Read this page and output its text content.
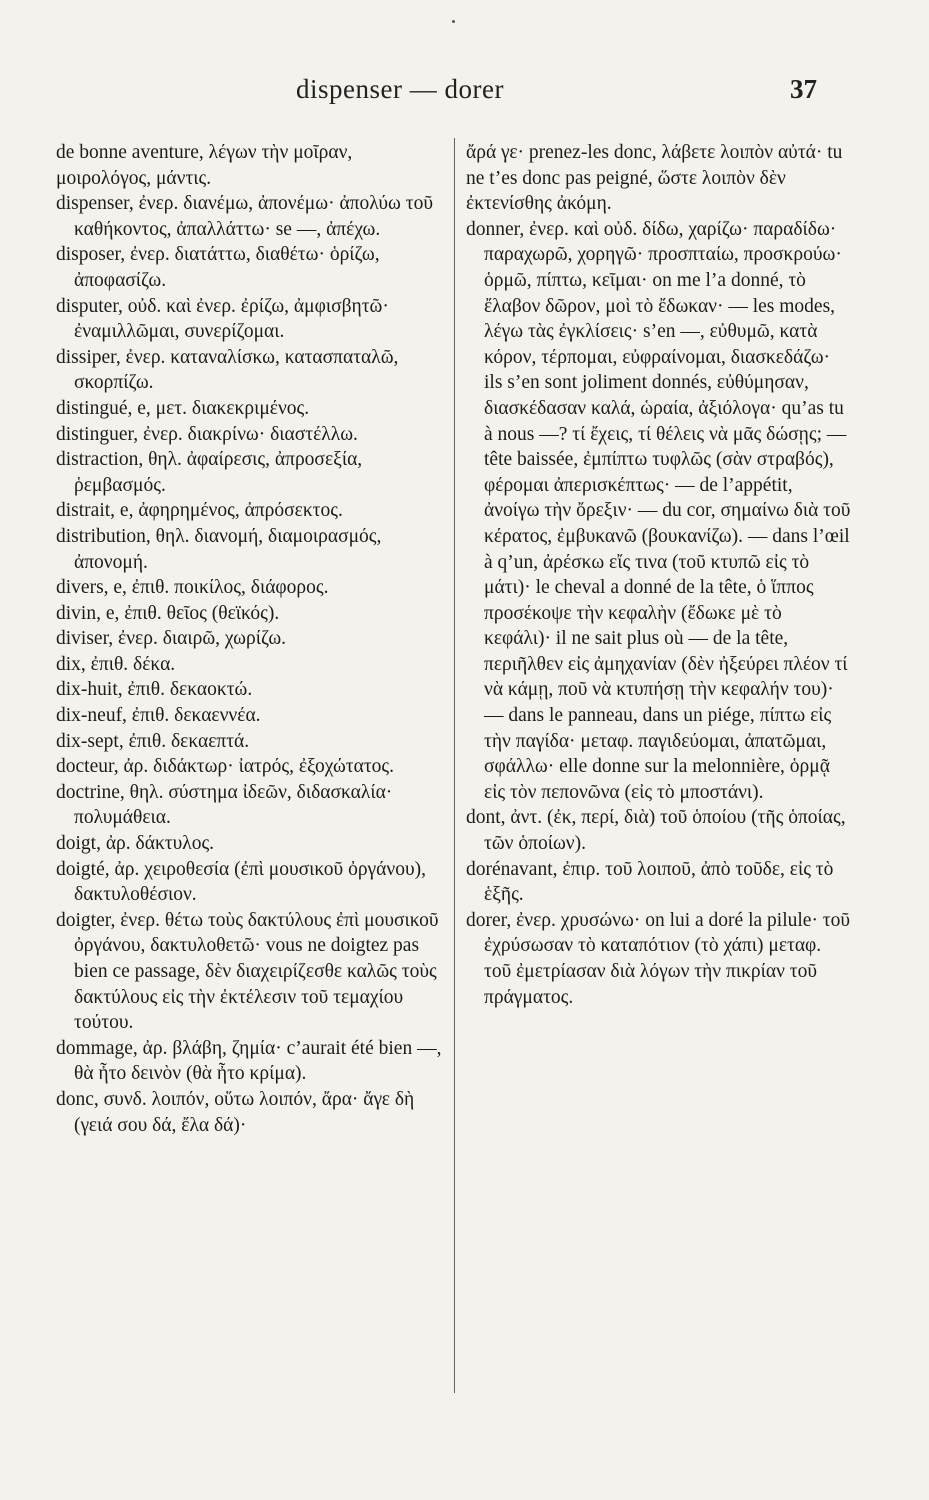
dispenser — dorer	37

de bonne aventure, λέγων τὴν μοῖραν, μοιρολόγος, μάντις.

dispenser, ἐνερ. διανέμω, ἀπονέμω· ἀπολύω τοῦ καθήκοντος, ἀπαλλάττω· se —, ἀπέχω.

disposer, ἐνερ. διατάττω, διαθέτω· ὁρίζω, ἀποφασίζω.

disputer, οὐδ. καὶ ἐνερ. ἐρίζω, ἀμφισβητῶ· ἐναμιλλῶμαι, συνερίζομαι.

dissiper, ἐνερ. καταναλίσκω, κατασπαταλῶ, σκορπίζω.

distingué, e, μετ. διακεκριμένος.

distinguer, ἐνερ. διακρίνω· διαστέλλω.

distraction, θηλ. ἀφαίρεσις, ἀπροσεξία, ῥεμβασμός.

distrait, e, ἀφηρημένος, ἀπρόσεκτος.

distribution, θηλ. διανομή, διαμοιρασμός, ἀπονομή.

divers, e, ἐπιθ. ποικίλος, διάφορος.

divin, e, ἐπιθ. θεῖος (θεϊκός).

diviser, ἐνερ. διαιρῶ, χωρίζω.

dix, ἐπιθ. δέκα.

dix-huit, ἐπιθ. δεκαοκτώ.

dix-neuf, ἐπιθ. δεκαεννέα.

dix-sept, ἐπιθ. δεκαεπτά.

docteur, ἀρ. διδάκτωρ· ἰατρός, ἐξοχώτατος.

doctrine, θηλ. σύστημα ἰδεῶν, διδασκαλία· πολυμάθεια.

doigt, ἀρ. δάκτυλος.

doigté, ἀρ. χειροθεσία (ἐπὶ μουσικοῦ ὀργάνου), δακτυλοθέσιον.

doigter, ἐνερ. θέτω τοὺς δακτύλους ἐπὶ μουσικοῦ ὀργάνου, δακτυλοθετῶ· vous ne doigtez pas bien ce passage, δὲν διαχειρίζεσθε καλῶς τοὺς δακτύλους εἰς τὴν ἐκτέλεσιν τοῦ τεμαχίου τούτου.

dommage, ἀρ. βλάβη, ζημία· c’aurait été bien —, θὰ ἦτο δεινὸν (θὰ ἦτο κρίμα).

donc, συνδ. λοιπόν, οὕτω λοιπόν, ἄρα· ἄγε δὴ (γειά σου δά, ἔλα δά)·

ἄρά γε· prenez-les donc, λάβετε λοιπὸν αὐτά· tu ne t’es donc pas peigné, ὥστε λοιπὸν δὲν ἐκτενίσθης ἀκόμη.

donner, ἐνερ. καὶ οὐδ. δίδω, χαρίζω· παραδίδω· παραχωρῶ, χορηγῶ· προσπταίω, προσκρούω· ὁρμῶ, πίπτω, κεῖμαι· on me l’a donné, τὸ ἔλαβον δῶρον, μοὶ τὸ ἔδωκαν· — les modes, λέγω τὰς ἐγκλίσεις· s’en —, εὐθυμῶ, κατὰ κόρον, τέρπομαι, εὐφραίνομαι, διασκεδάζω· ils s’en sont joliment donnés, εὐθύμησαν, διασκέδασαν καλά, ὡραία, ἀξιόλογα· qu’as tu à nous —? τί ἔχεις, τί θέλεις νὰ μᾶς δώσῃς; — tête baissée, ἐμπίπτω τυφλῶς (σὰν στραβός), φέρομαι ἀπερισκέπτως· — de l’appétit, ἀνοίγω τὴν ὄρεξιν· — du cor, σημαίνω διὰ τοῦ κέρατος, ἐμβυκανῶ (βουκανίζω). — dans l’œil à q’un, ἀρέσκω εἴς τινα (τοῦ κτυπῶ εἰς τὸ μάτι)· le cheval a donné de la tête, ὁ ἵππος προσέκοψε τὴν κεφαλὴν (ἔδωκε μὲ τὸ κεφάλι)· il ne sait plus où — de la tête, περιῆλθεν εἰς ἀμηχανίαν (δὲν ἠξεύρει πλέον τί νὰ κάμῃ, ποῦ νὰ κτυπήσῃ τὴν κεφαλήν του)· — dans le panneau, dans un piége, πίπτω εἰς τὴν παγίδα· μεταφ. παγιδεύομαι, ἀπατῶμαι, σφάλλω· elle donne sur la melonnière, ὁρμᾷ εἰς τὸν πεπονῶνα (εἰς τὸ μποστάνι).

dont, ἀντ. (ἐκ, περί, διὰ) τοῦ ὁποίου (τῆς ὁποίας, τῶν ὁποίων).

dorénavant, ἐπιρ. τοῦ λοιποῦ, ἀπὸ τοῦδε, εἰς τὸ ἑξῆς.

dorer, ἐνερ. χρυσώνω· on lui a doré la pilule· τοῦ ἐχρύσωσαν τὸ καταπότιον (τὸ χάπι) μεταφ. τοῦ ἐμετρίασαν διὰ λόγων τὴν πικρίαν τοῦ πράγματος.
